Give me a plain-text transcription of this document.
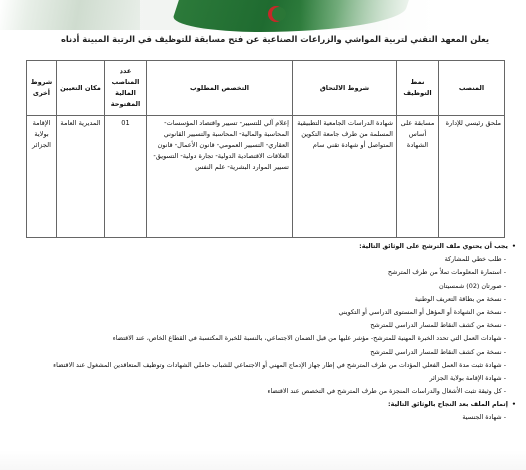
يعلن المعهد التقني لتربية المواشي والزراعات الصناعية عن فتح مسابقة للتوظيف في الرتبة المبينة أدناه
المنصب	نمط التوظيف	شروط الالتحاق	التخصص المطلوب	عدد المناصب المالية المفتوحة	مكان التعيين	شروط أخرى
ملحق رئيسي للإدارة	مسابقة على أساس الشهادة	شهادة الدراسات الجامعية التطبيقية المسلمة من طرف جامعة التكوين المتواصل أو شهادة تقني سام	إعلام آلي للتسيير- تسيير واقتصاد المؤسسات- المحاسبة والمالية- المحاسبة والتسيير القانوني العقاري- التسيير العمومي- قانون الأعمال- قانون العلاقات الاقتصادية الدولية- تجارة دولية- التسويق- تسيير الموارد البشرية- علم النفس	01	المديرية العامة	الإقامة بولاية الجزائر
• يجب أن يحتوي ملف الترشح على الوثائق التالية:
- طلب خطي للمشاركة
- استمارة المعلومات تملأ من طرف المترشح
- صورتان (02) شمسيتان
- نسخة من بطاقة التعريف الوطنية
- نسخة من الشهادة أو المؤهل أو المستوى الدراسي أو التكويني
- نسخة من كشف النقاط للمسار الدراسي للمترشح
- شهادات العمل التي تحدد الخبرة المهنية للمترشح- مؤشر عليها من قبل الضمان الاجتماعي، بالنسبة للخبرة المكتسبة في القطاع الخاص، عند الاقتضاء
- نسخة من كشف النقاط للمسار الدراسي للمترشح
- شهادة تثبت مدة العمل الفعلي المؤدات من طرف المترشح في إطار جهاز الإدماج المهني أو الاجتماعي للشباب حاملي الشهادات وتوظيف المتعاقدين المشغول عند الاقتضاء
- شهادة الإقامة بولاية الجزائر
- كل وثيقة تثبت الأشغال والدراسات المنجزة من طرف المترشح في التخصص عند الاقتضاء
• إتمام الملف بعد النجاح بالوثائق التالية:
- شهادة الجنسية
